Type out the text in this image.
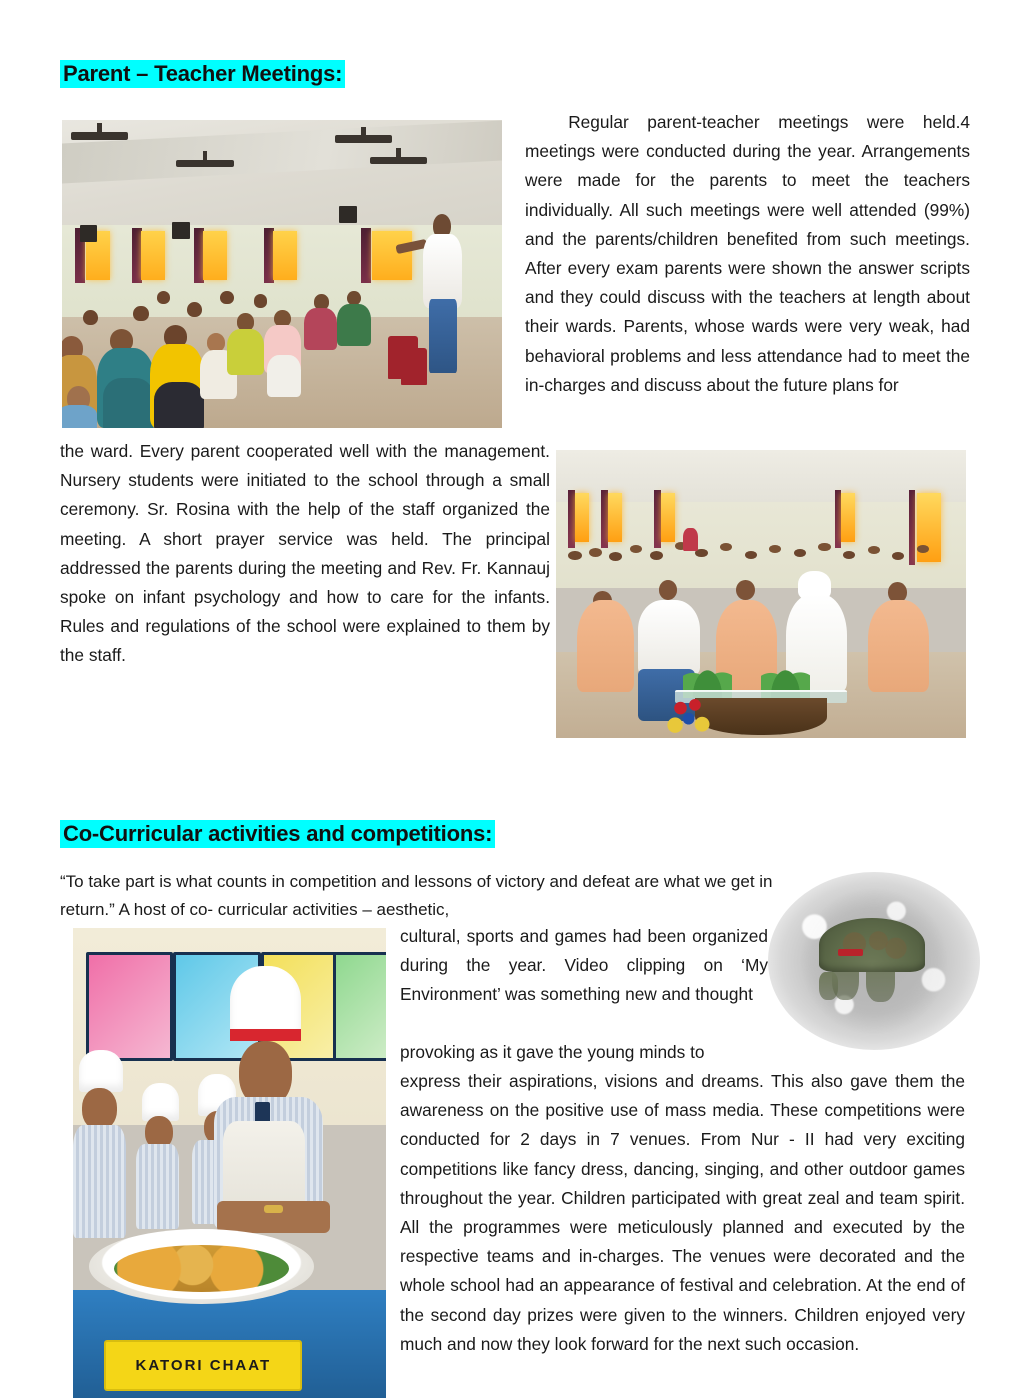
Parent – Teacher Meetings:
   Regular parent-teacher meetings were held.4 meetings were conducted during the year. Arrangements were made for the parents to meet the teachers individually. All such meetings were well attended (99%) and the parents/children benefited from such meetings. After every exam parents were shown the answer scripts and they could discuss with the teachers at length about their wards. Parents, whose wards were very weak, had behavioral problems and less attendance had to meet the in-charges and discuss about the future plans for
the ward. Every parent cooperated well with the management. Nursery students were initiated to the school through a small ceremony. Sr. Rosina with the help of the staff organized the meeting. A short prayer service was held. The principal addressed the parents during the meeting and Rev. Fr. Kannauj spoke on infant psychology and how to care for the infants. Rules and regulations of the school were explained to them by the staff.
Co-Curricular activities and competitions:
KATORI CHAAT
“To take part is what counts in competition and lessons of victory and defeat are what we get in return.” A host of co- curricular activities – aesthetic,
cultural, sports and games had been organized during the year. Video clipping on ‘My Environment’ was something new and thought
provoking as it gave the young minds to
express their aspirations, visions and dreams. This also gave them the awareness on the positive use of mass media. These competitions were conducted for 2 days in 7 venues. From Nur - II had very exciting competitions like fancy dress, dancing, singing, and other outdoor games throughout the year. Children participated with great zeal and team spirit. All the programmes were meticulously planned and executed by the respective teams and in-charges. The venues were decorated and the whole school had an appearance of festival and celebration. At the end of the second day prizes were given to the winners. Children enjoyed very much and now they look forward for the next such occasion.
